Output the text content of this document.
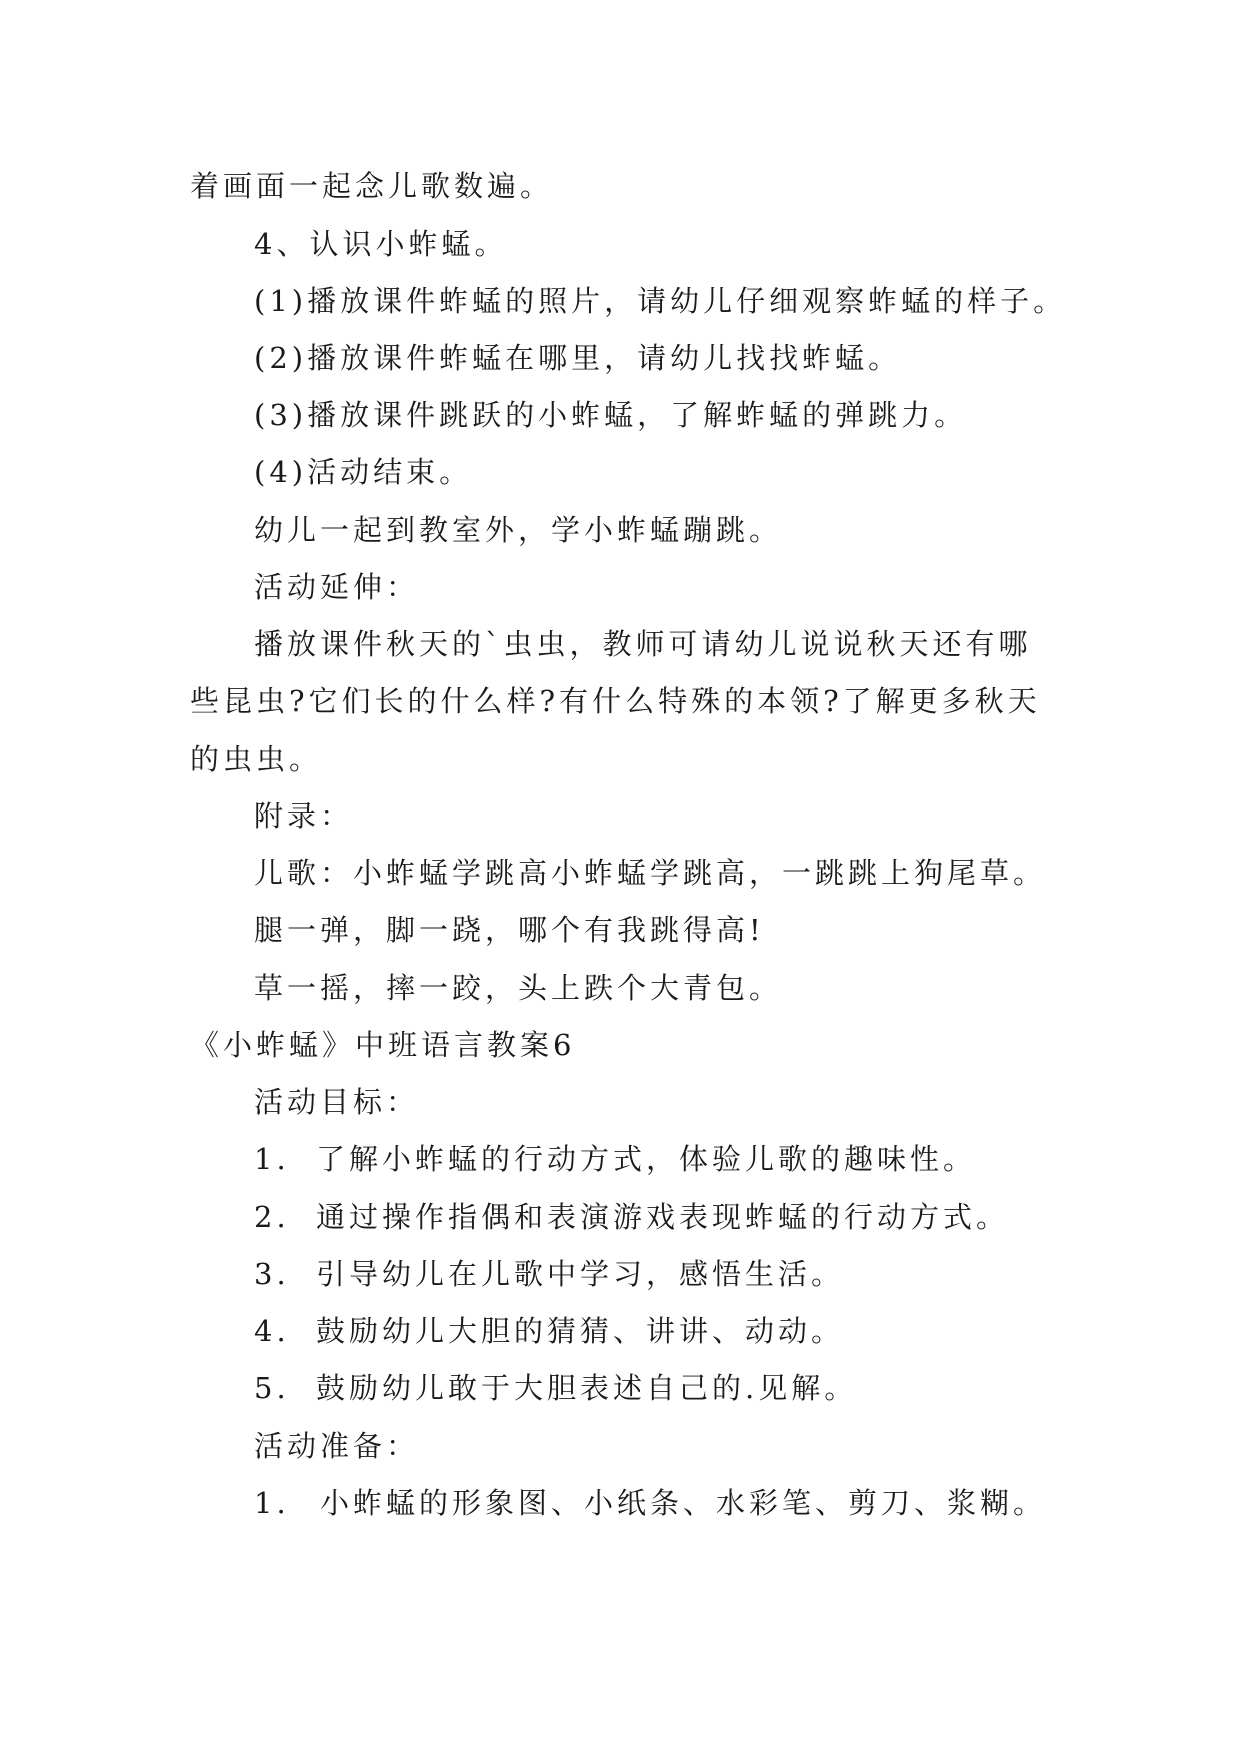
着画面一起念儿歌数遍。
4、认识小蚱蜢。
(1)播放课件蚱蜢的照片，请幼儿仔细观察蚱蜢的样子。
(2)播放课件蚱蜢在哪里，请幼儿找找蚱蜢。
(3)播放课件跳跃的小蚱蜢，了解蚱蜢的弹跳力。
(4)活动结束。
幼儿一起到教室外，学小蚱蜢蹦跳。
活动延伸：
播放课件秋天的`虫虫，教师可请幼儿说说秋天还有哪
些昆虫?它们长的什么样?有什么特殊的本领?了解更多秋天
的虫虫。
附录：
儿歌：小蚱蜢学跳高小蚱蜢学跳高，一跳跳上狗尾草。
腿一弹，脚一跷，哪个有我跳得高!
草一摇，摔一跤，头上跌个大青包。
《小蚱蜢》中班语言教案6
活动目标：
1. 了解小蚱蜢的行动方式，体验儿歌的趣味性。
2. 通过操作指偶和表演游戏表现蚱蜢的行动方式。
3. 引导幼儿在儿歌中学习，感悟生活。
4. 鼓励幼儿大胆的猜猜、讲讲、动动。
5. 鼓励幼儿敢于大胆表述自己的.见解。
活动准备：
1. 小蚱蜢的形象图、小纸条、水彩笔、剪刀、浆糊。
